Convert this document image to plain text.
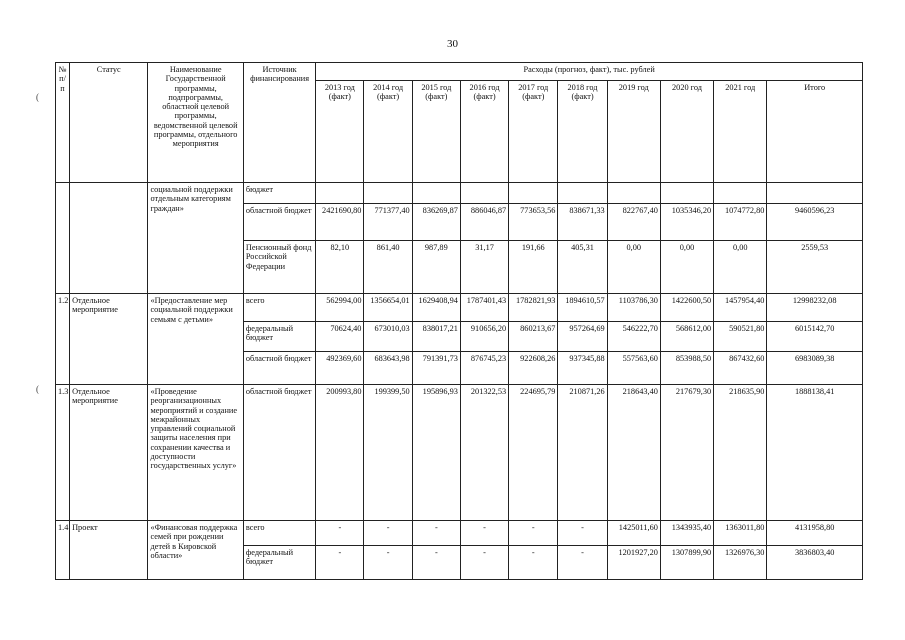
30
(
(
№ п/п	Статус	Наименование Государственной программы, подпрограммы, областной целевой программы, ведомственной целевой программы, отдельного мероприятия	Источник финансирования	Расходы (прогноз, факт), тыс. рублей									
				2013 год (факт)	2014 год (факт)	2015 год (факт)	2016 год (факт)	2017 год (факт)	2018 год (факт)	2019 год	2020 год	2021 год	Итого
		социальной поддержки отдельным категориям граждан»	бюджет										
			областной бюджет	2421690,80	771377,40	836269,87	886046,87	773653,56	838671,33	822767,40	1035346,20	1074772,80	9460596,23
			Пенсионный фонд Российской Федерации	82,10	861,40	987,89	31,17	191,66	405,31	0,00	0,00	0,00	2559,53
1.2	Отдельное мероприятие	«Предоставление мер социальной поддержки семьям с детьми»	всего	562994,00	1356654,01	1629408,94	1787401,43	1782821,93	1894610,57	1103786,30	1422600,50	1457954,40	12998232,08
			федеральный бюджет	70624,40	673010,03	838017,21	910656,20	860213,67	957264,69	546222,70	568612,00	590521,80	6015142,70
			областной бюджет	492369,60	683643,98	791391,73	876745,23	922608,26	937345,88	557563,60	853988,50	867432,60	6983089,38
1.3	Отдельное мероприятие	«Проведение реорганизационных мероприятий и создание межрайонных управлений социальной защиты населения при сохранении качества и доступности государственных услуг»	областной бюджет	200993,80	199399,50	195896,93	201322,53	224695,79	210871,26	218643,40	217679,30	218635,90	1888138,41
1.4	Проект	«Финансовая поддержка семей при рождении детей в Кировской области»	всего	-	-	-	-	-	-	1425011,60	1343935,40	1363011,80	4131958,80
			федеральный бюджет	-	-	-	-	-	-	1201927,20	1307899,90	1326976,30	3836803,40
